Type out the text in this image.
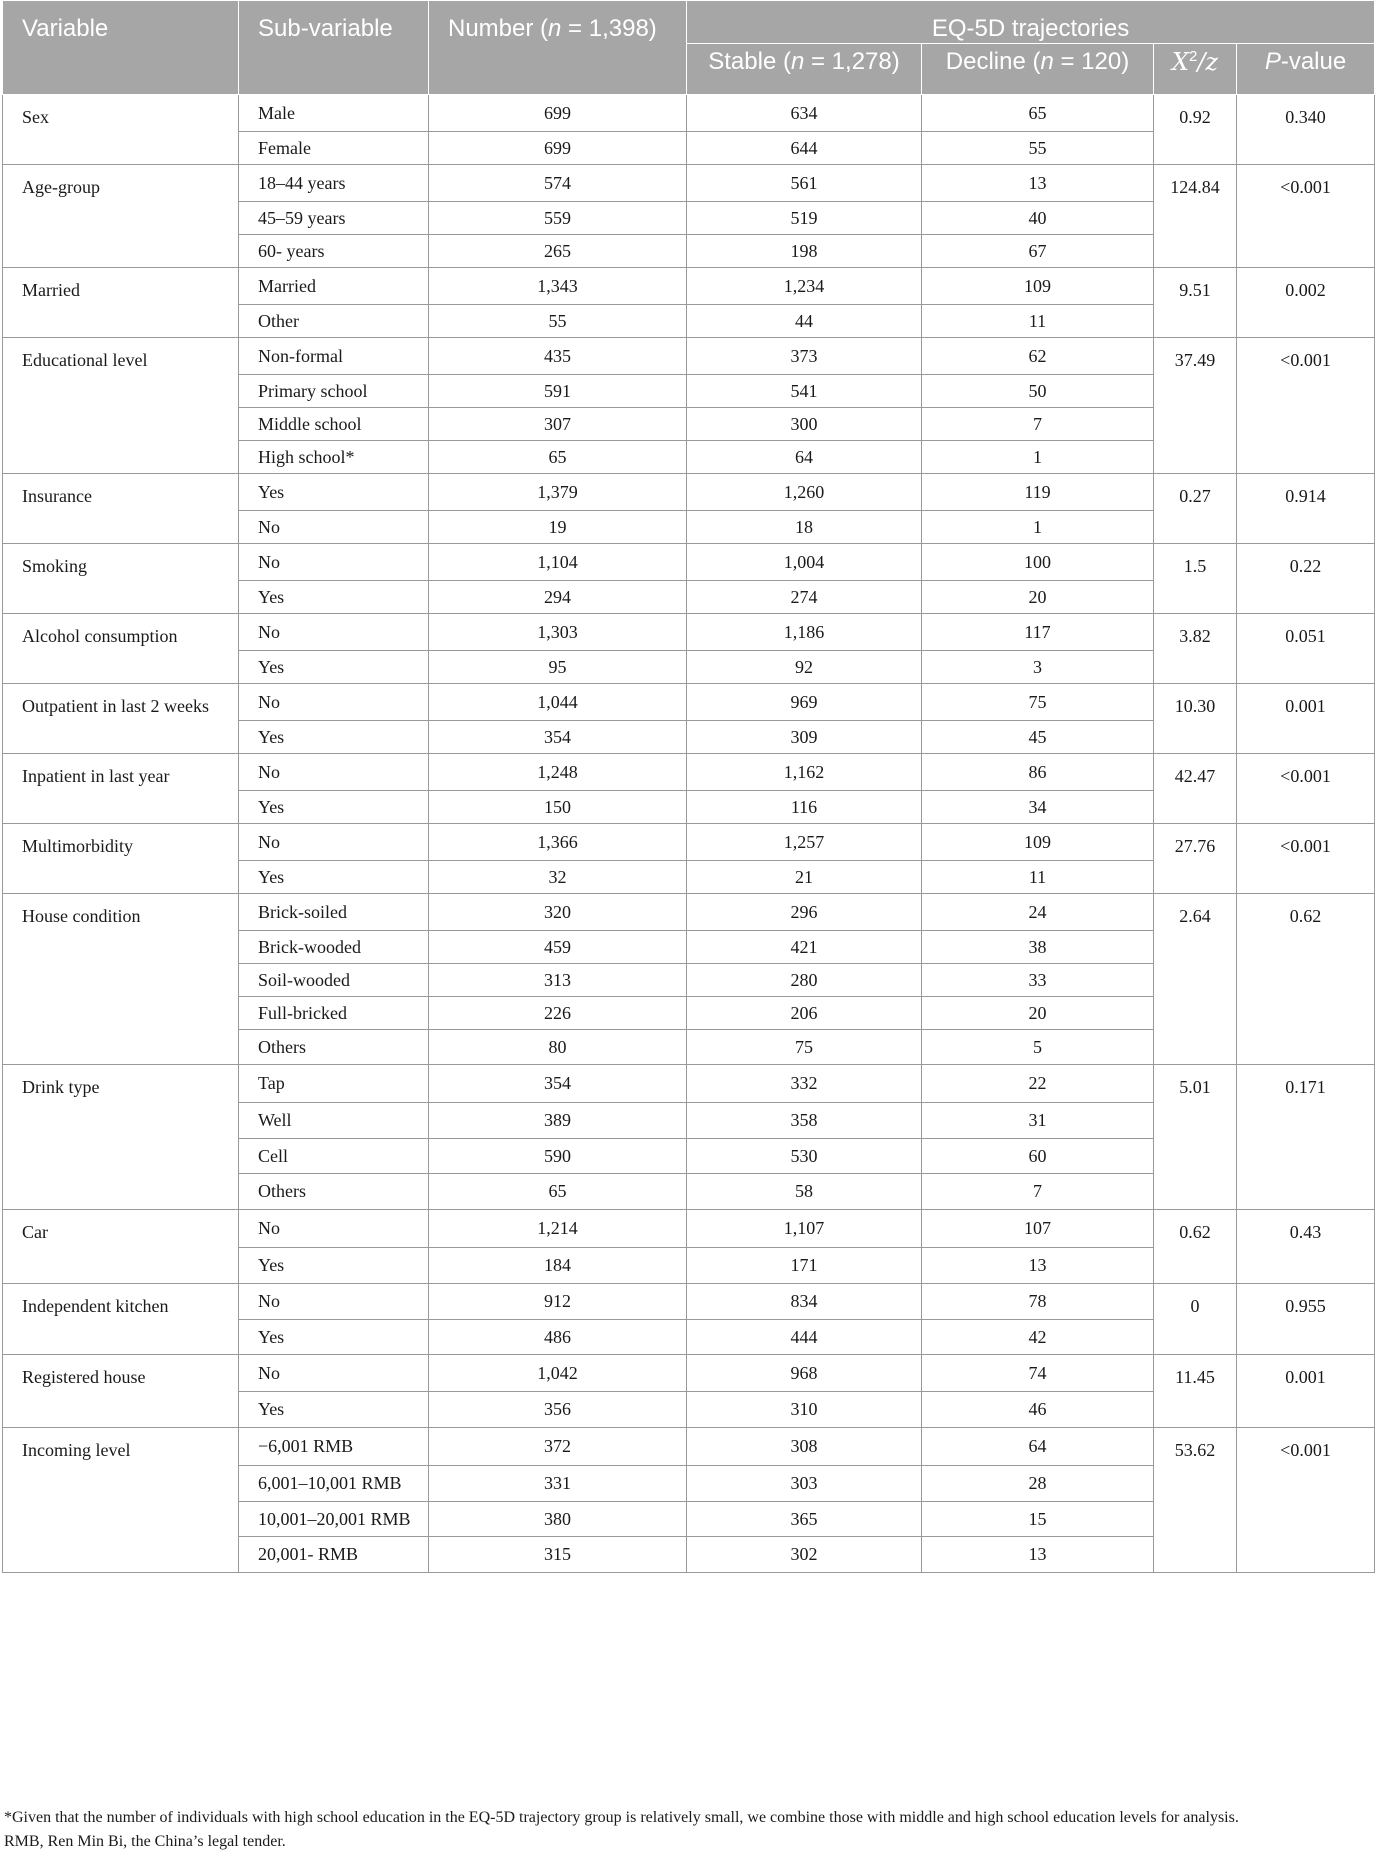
Variable	Sub-variable	Number (n = 1,398)	EQ-5D trajectories			
			Stable (n = 1,278)	Decline (n = 120)	$X^2/z$	P-value
Sex	Male	699	634	65	0.92	0.340
	Female	699	644	55		
Age-group	18–44 years	574	561	13	124.84	<0.001
	45–59 years	559	519	40		
	60- years	265	198	67		
Married	Married	1,343	1,234	109	9.51	0.002
	Other	55	44	11		
Educational level	Non-formal	435	373	62	37.49	<0.001
	Primary school	591	541	50		
	Middle school	307	300	7		
	High school*	65	64	1		
Insurance	Yes	1,379	1,260	119	0.27	0.914
	No	19	18	1		
Smoking	No	1,104	1,004	100	1.5	0.22
	Yes	294	274	20		
Alcohol consumption	No	1,303	1,186	117	3.82	0.051
	Yes	95	92	3		
Outpatient in last 2 weeks	No	1,044	969	75	10.30	0.001
	Yes	354	309	45		
Inpatient in last year	No	1,248	1,162	86	42.47	<0.001
	Yes	150	116	34		
Multimorbidity	No	1,366	1,257	109	27.76	<0.001
	Yes	32	21	11		
House condition	Brick-soiled	320	296	24	2.64	0.62
	Brick-wooded	459	421	38		
	Soil-wooded	313	280	33		
	Full-bricked	226	206	20		
	Others	80	75	5		
Drink type	Tap	354	332	22	5.01	0.171
	Well	389	358	31		
	Cell	590	530	60		
	Others	65	58	7		
Car	No	1,214	1,107	107	0.62	0.43
	Yes	184	171	13		
Independent kitchen	No	912	834	78	0	0.955
	Yes	486	444	42		
Registered house	No	1,042	968	74	11.45	0.001
	Yes	356	310	46		
Incoming level	−6,001 RMB	372	308	64	53.62	<0.001
	6,001–10,001 RMB	331	303	28		
	10,001–20,001 RMB	380	365	15		
	20,001- RMB	315	302	13		
*Given that the number of individuals with high school education in the EQ-5D trajectory group is relatively small, we combine those with middle and high school education levels for analysis.
RMB, Ren Min Bi, the China’s legal tender.
